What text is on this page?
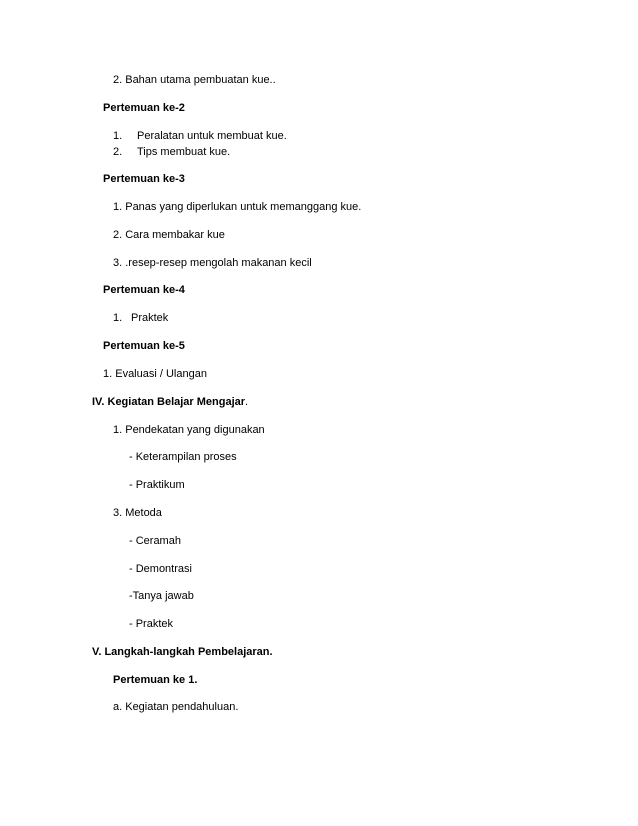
2. Bahan utama pembuatan kue..
Pertemuan ke-2
1. Peralatan untuk membuat kue.
2. Tips membuat kue.
Pertemuan ke-3
1. Panas yang diperlukan untuk memanggang kue.
2. Cara membakar kue
3. .resep-resep mengolah makanan kecil
Pertemuan ke-4
1. Praktek
Pertemuan ke-5
1. Evaluasi / Ulangan
IV. Kegiatan Belajar Mengajar.
1. Pendekatan yang digunakan
- Keterampilan proses
- Praktikum
3. Metoda
- Ceramah
- Demontrasi
-Tanya jawab
- Praktek
V. Langkah-langkah Pembelajaran.
Pertemuan ke 1.
a. Kegiatan pendahuluan.
